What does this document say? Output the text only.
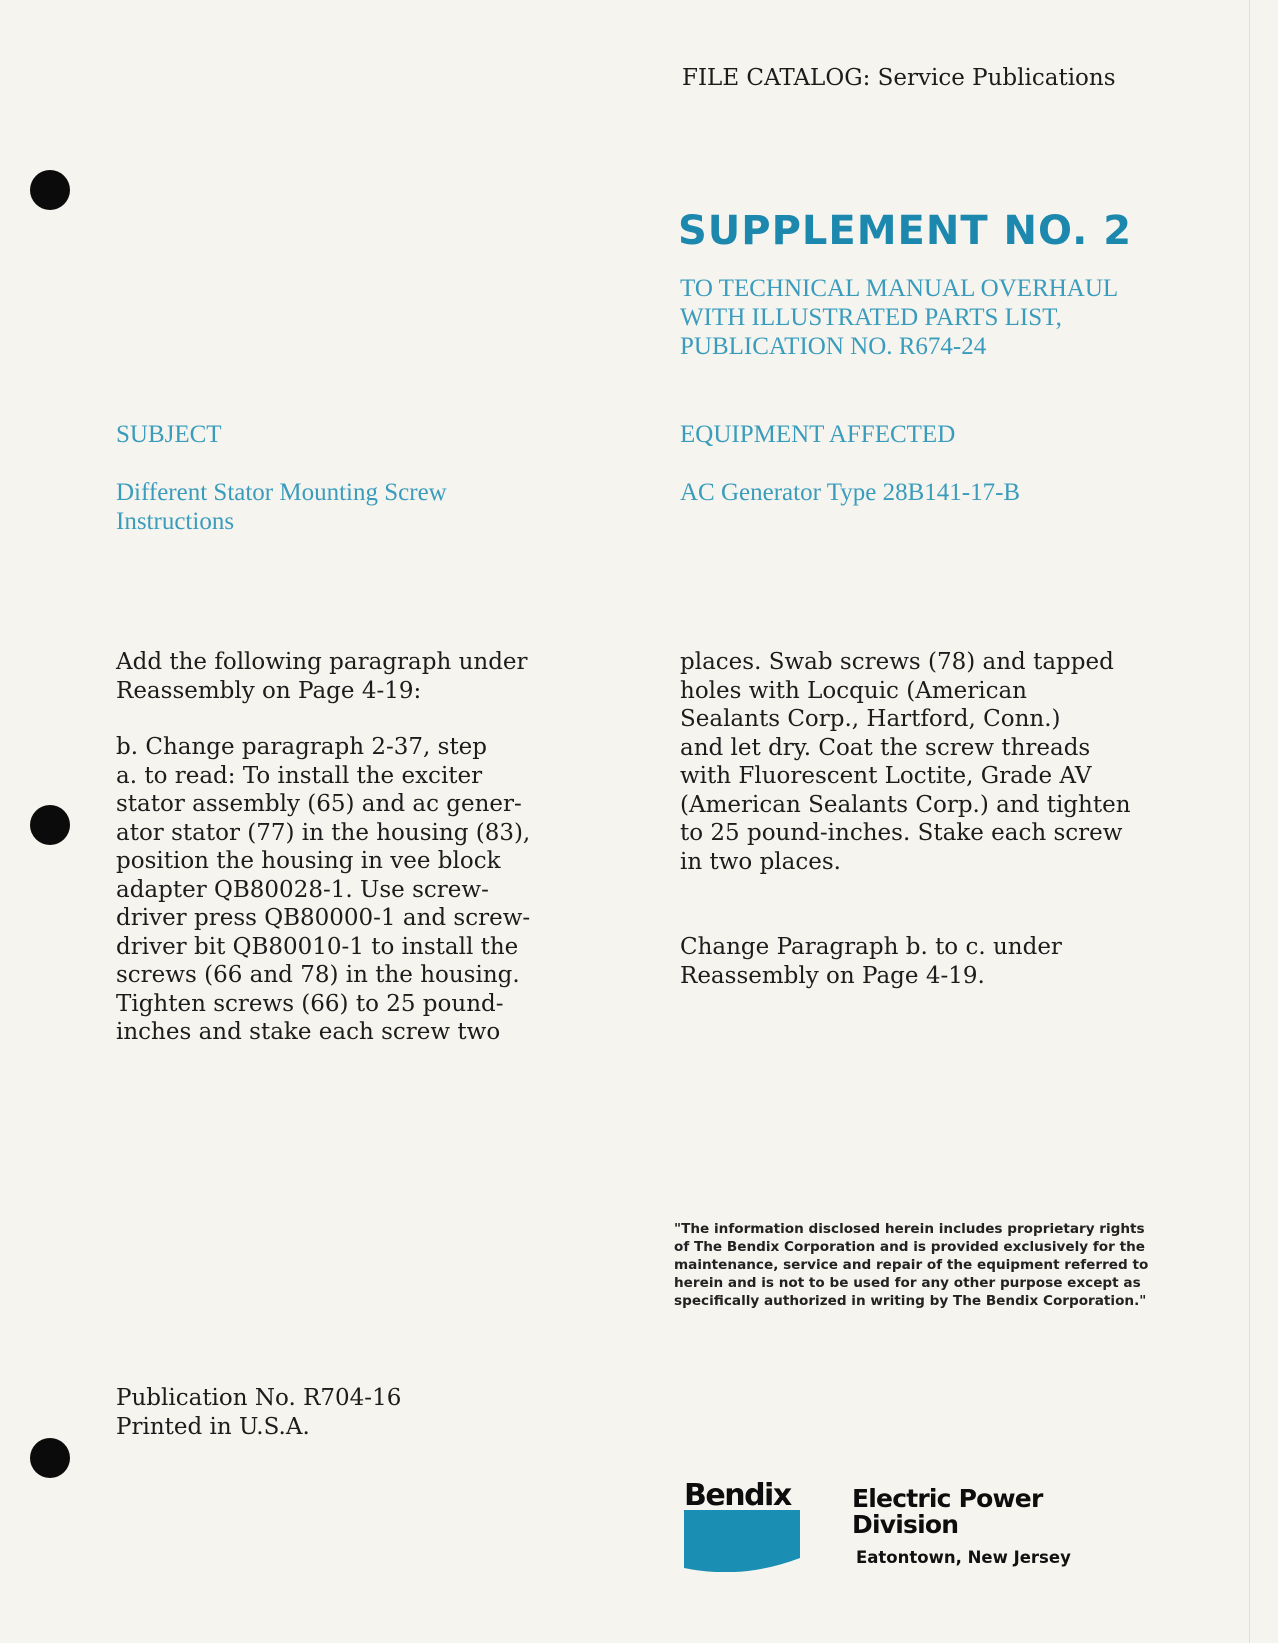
FILE CATALOG: Service Publications
SUPPLEMENT NO. 2

TO TECHNICAL MANUAL OVERHAUL
WITH ILLUSTRATED PARTS LIST,
PUBLICATION NO. R674-24

SUBJECT

Different Stator Mounting Screw
Instructions

EQUIPMENT AFFECTED
AC Generator Type 28B141-17-B

Add the following paragraph under
Reassembly on Page 4-19:

b. Change paragraph 2-37, step
a. to read: To install the exciter
stator assembly (65) and ac gener-
ator stator (77) in the housing (83),
position the housing in vee block
adapter QB80028-1. Use screw-
driver press QB80000-1 and screw-
driver bit QB80010-1 to install the
screws (66 and 78) in the housing.
Tighten screws (66) to 25 pound-
inches and stake each screw two

places. Swab screws (78) and tapped
holes with Locquic (American
Sealants Corp., Hartford, Conn.)
and let dry. Coat the screw threads
with Fluorescent Loctite, Grade AV
(American Sealants Corp.) and tighten
to 25 pound-inches. Stake each screw
in two places.

Change Paragraph b. to c. under
Reassembly on Page 4-19.

"The information disclosed herein includes proprietary rights
of The Bendix Corporation and is provided exclusively for the
maintenance, service and repair of the equipment referred to
herein and is not to be used for any other purpose except as
specifically authorized in writing by The Bendix Corporation."

Publication No. R704-16
Printed in U.S.A.

Bendix Electric Power
Division

Eatontown, New Jersey
